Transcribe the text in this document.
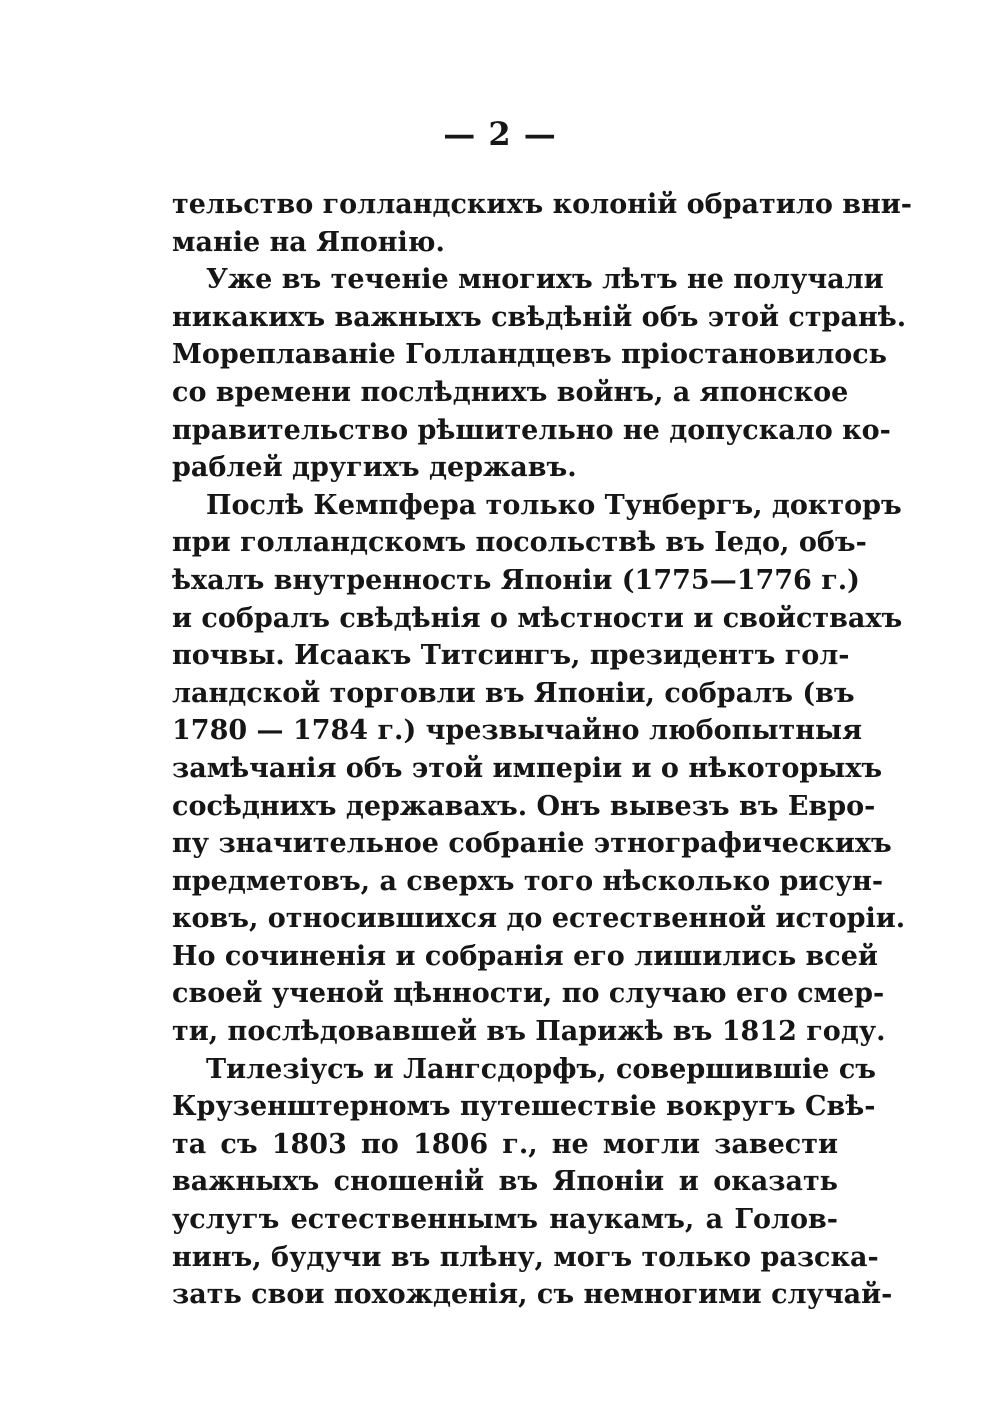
— 2 —
тельство голландскихъ колоній обратило вни-
маніе на Японію.
Уже въ теченіе многихъ лѣтъ не получали
никакихъ важныхъ свѣдѣній объ этой странѣ.
Мореплаваніе Голландцевъ пріостановилось
со времени послѣднихъ войнъ, а японское
правительство рѣшительно не допускало ко-
раблей другихъ державъ.
Послѣ Кемпфера только Тунбергъ, докторъ
при голландскомъ посольствѣ въ Іедо, объ-
ѣхалъ внутренность Японіи (1775—1776 г.)
и собралъ свѣдѣнія о мѣстности и свойствахъ
почвы. Исаакъ Титсингъ, президентъ гол-
ландской торговли въ Японіи, собралъ (въ
1780 — 1784 г.) чрезвычайно любопытныя
замѣчанія объ этой имперіи и о нѣкоторыхъ
сосѣднихъ державахъ. Онъ вывезъ въ Евро-
пу значительное собраніе этнографическихъ
предметовъ, а сверхъ того нѣсколько рисун-
ковъ, относившихся до естественной исторіи.
Но сочиненія и собранія его лишились всей
своей ученой цѣнности, по случаю его смер-
ти, послѣдовавшей въ Парижѣ въ 1812 году.
Тилезіусъ и Лангсдорфъ, совершившіе съ
Крузенштерномъ путешествіе вокругъ Свѣ-
та съ 1803 по 1806 г., не могли завести
важныхъ сношеній въ Японіи и оказать
услугъ естественнымъ наукамъ, а Голов-
нинъ, будучи въ плѣну, могъ только разска-
зать свои похожденія, съ немногими случай-
